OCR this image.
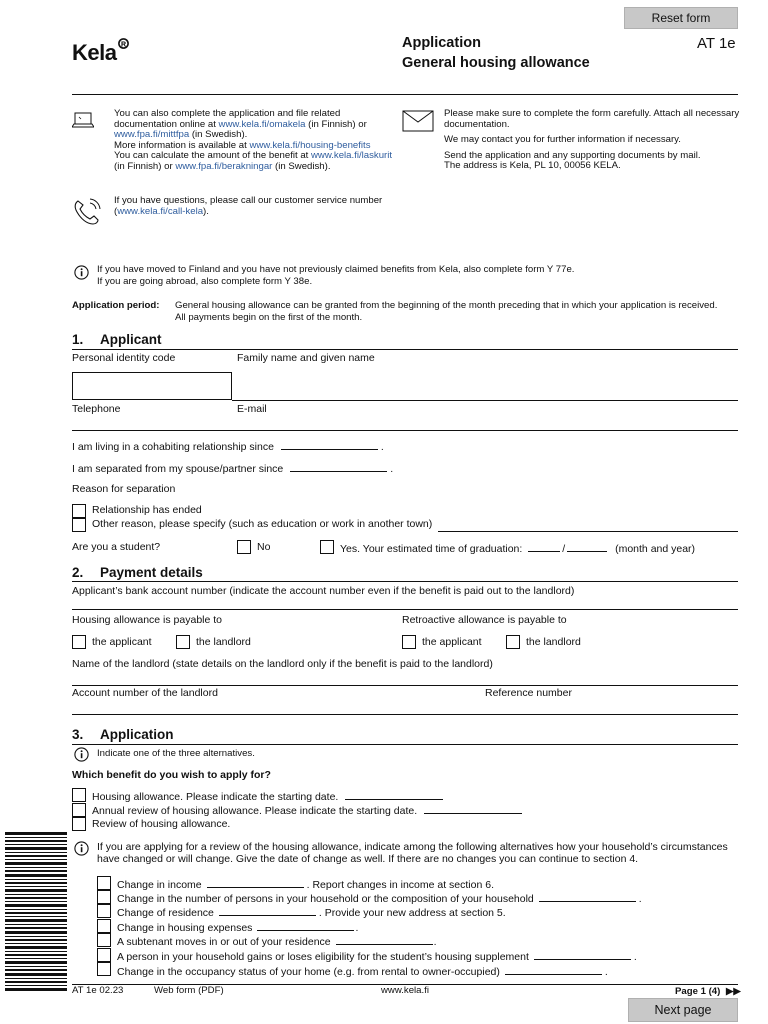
Reset form
Kela R	Application
General housing allowance
AT 1e
You can also complete the application and file related
documentation online at www.kela.fi/omakela (in Finnish) or
www.fpa.fi/mittfpa (in Swedish).
More information is available at www.kela.fi/housing-benefits
You can calculate the amount of the benefit at www.kela.fi/laskurit
(in Finnish) or www.fpa.fi/berakningar (in Swedish).
Please make sure to complete the form carefully. Attach all necessary
documentation.
We may contact you for further information if necessary.
Send the application and any supporting documents by mail.
The address is Kela, PL 10, 00056 KELA.
If you have questions, please call our customer service number
(www.kela.fi/call-kela).
If you have moved to Finland and you have not previously claimed benefits from Kela, also complete form Y 77e.
If you are going abroad, also complete form Y 38e.
Application period: General housing allowance can be granted from the beginning of the month preceding that in which your application is received.
All payments begin on the first of the month.
1. Applicant
Personal identity code	Family name and given name
Telephone	E-mail
I am living in a cohabiting relationship since	.
I am separated from my spouse/partner since	.
Reason for separation
Relationship has ended
Other reason, please specify (such as education or work in another town)
Are you a student?	No	Yes. Your estimated time of graduation:	/	(month and year)
2. Payment details
Applicant’s bank account number (indicate the account number even if the benefit is paid out to the landlord)
Housing allowance is payable to	Retroactive allowance is payable to
the applicant	the landlord	the applicant	the landlord
Name of the landlord (state details on the landlord only if the benefit is paid to the landlord)
Account number of the landlord	Reference number
3. Application
Indicate one of the three alternatives.
Which benefit do you wish to apply for?
Housing allowance. Please indicate the starting date.
Annual review of housing allowance. Please indicate the starting date.
Review of housing allowance.
If you are applying for a review of the housing allowance, indicate among the following alternatives how your household’s circumstances
have changed or will change. Give the date of change as well. If there are no changes you can continue to section 4.
Change in income	. Report changes in income at section 6.
Change in the number of persons in your household or the composition of your household	.
Change of residence	. Provide your new address at section 5.
Change in housing expenses	.
A subtenant moves in or out of your residence	.
A person in your household gains or loses eligibility for the student’s housing supplement	.
Change in the occupancy status of your home (e.g. from rental to owner-occupied)	.
AT 1e 02.23	Web form (PDF)	www.kela.fi	Page 1 (4) ▶▶
Next page
